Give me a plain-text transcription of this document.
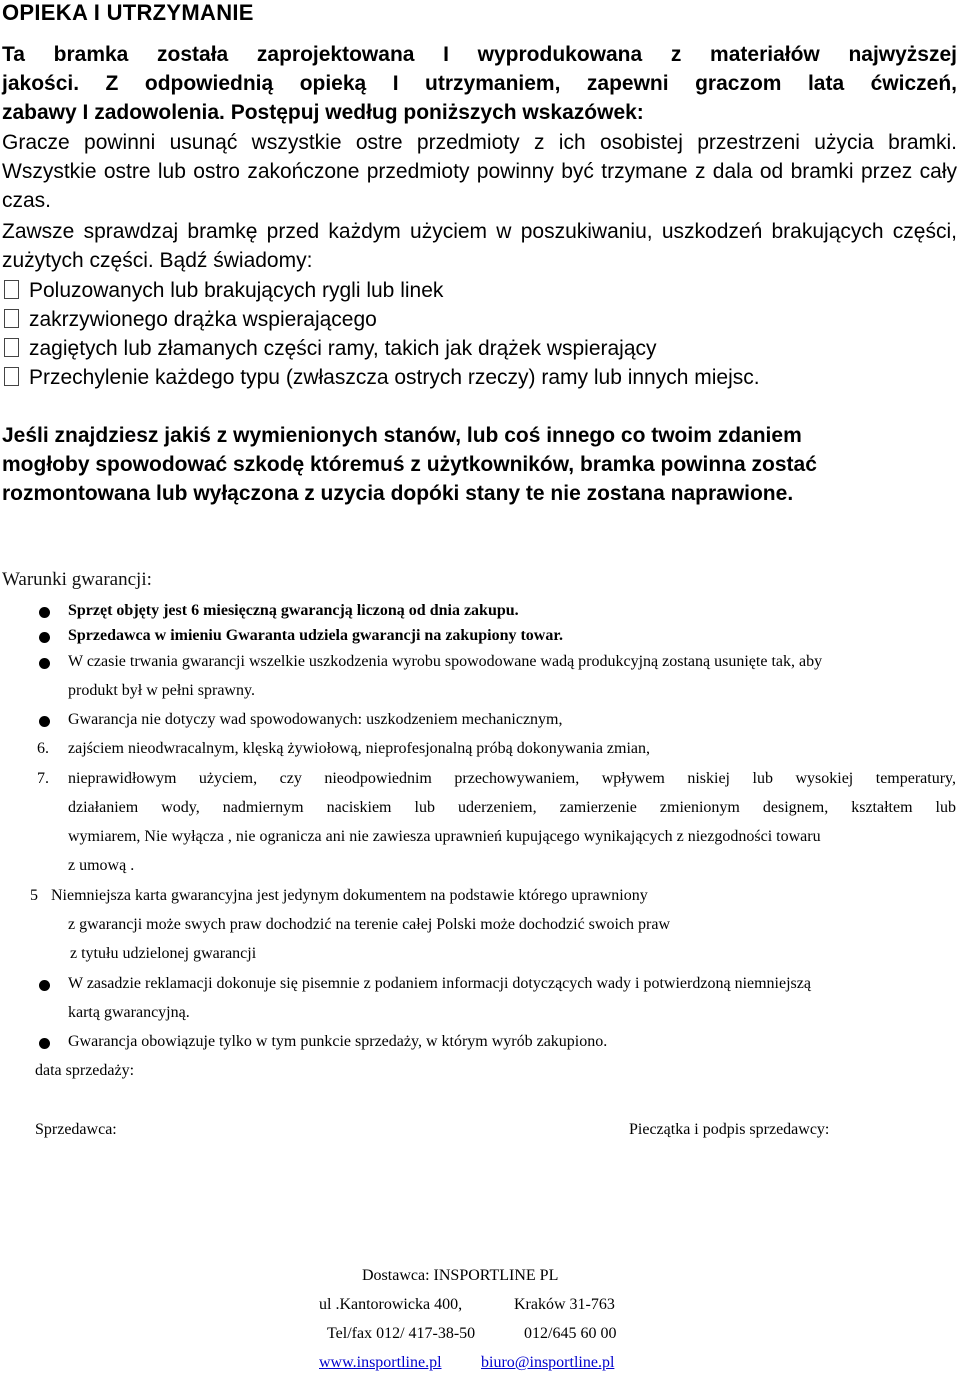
OPIEKA I UTRZYMANIE
Ta bramka została zaprojektowana I wyprodukowana z materiałów najwyższej
jakości. Z odpowiednią opieką I utrzymaniem, zapewni graczom lata ćwiczeń,
zabawy I zadowolenia. Postępuj według poniższych wskazówek:
Gracze powinni usunąć wszystkie ostre przedmioty z ich osobistej przestrzeni użycia bramki. Wszystkie ostre lub ostro zakończone przedmioty powinny być trzymane z dala od bramki przez cały czas.
Zawsze sprawdzaj bramkę przed każdym użyciem w poszukiwaniu, uszkodzeń brakujących części, zużytych części. Bądź świadomy:
Poluzowanych lub brakujących rygli lub linek
zakrzywionego drążka wspierającego
zagiętych lub złamanych części ramy, takich jak drążek wspierający
Przechylenie każdego typu (zwłaszcza ostrych rzeczy) ramy lub innych miejsc.
Jeśli znajdziesz jakiś z wymienionych stanów, lub coś innego co twoim zdaniem
mogłoby spowodować szkodę któremuś z użytkowników, bramka powinna zostać
rozmontowana lub wyłączona z uzycia dopóki stany te nie zostana naprawione.
Warunki gwarancji:
Sprzęt objęty jest 6 miesięczną gwarancją liczoną od dnia zakupu.
Sprzedawca w imieniu Gwaranta udziela gwarancji na zakupiony towar.
W czasie trwania gwarancji wszelkie uszkodzenia wyrobu spowodowane wadą produkcyjną zostaną usunięte tak, aby
produkt był w pełni sprawny.
Gwarancja nie dotyczy wad spowodowanych: uszkodzeniem mechanicznym,
6. zajściem nieodwracalnym, klęską żywiołową, nieprofesjonalną próbą dokonywania zmian,
7. nieprawidłowym użyciem, czy nieodpowiednim przechowywaniem, wpływem niskiej lub wysokiej temperatury,
działaniem wody, nadmiernym naciskiem lub uderzeniem, zamierzenie zmienionym designem, kształtem lub
wymiarem, Nie wyłącza , nie ogranicza ani nie zawiesza uprawnień kupującego wynikających z niezgodności towaru
z umową .
5 Niemniejsza karta gwarancyjna jest jedynym dokumentem na podstawie którego uprawniony
z gwarancji może swych praw dochodzić na terenie całej Polski może dochodzić swoich praw
z tytułu udzielonej gwarancji
W zasadzie reklamacji dokonuje się pisemnie z podaniem informacji dotyczących wady i potwierdzoną niemniejszą
kartą gwarancyjną.
Gwarancja obowiązuje tylko w tym punkcie sprzedaży, w którym wyrób zakupiono.
data sprzedaży:
Sprzedawca:	Pieczątka i podpis sprzedawcy:
Dostawca: INSPORTLINE PL
ul .Kantorowicka 400,	Kraków 31-763
Tel/fax 012/ 417-38-50	012/645 60 00
www.insportline.pl biuro@insportline.pl
